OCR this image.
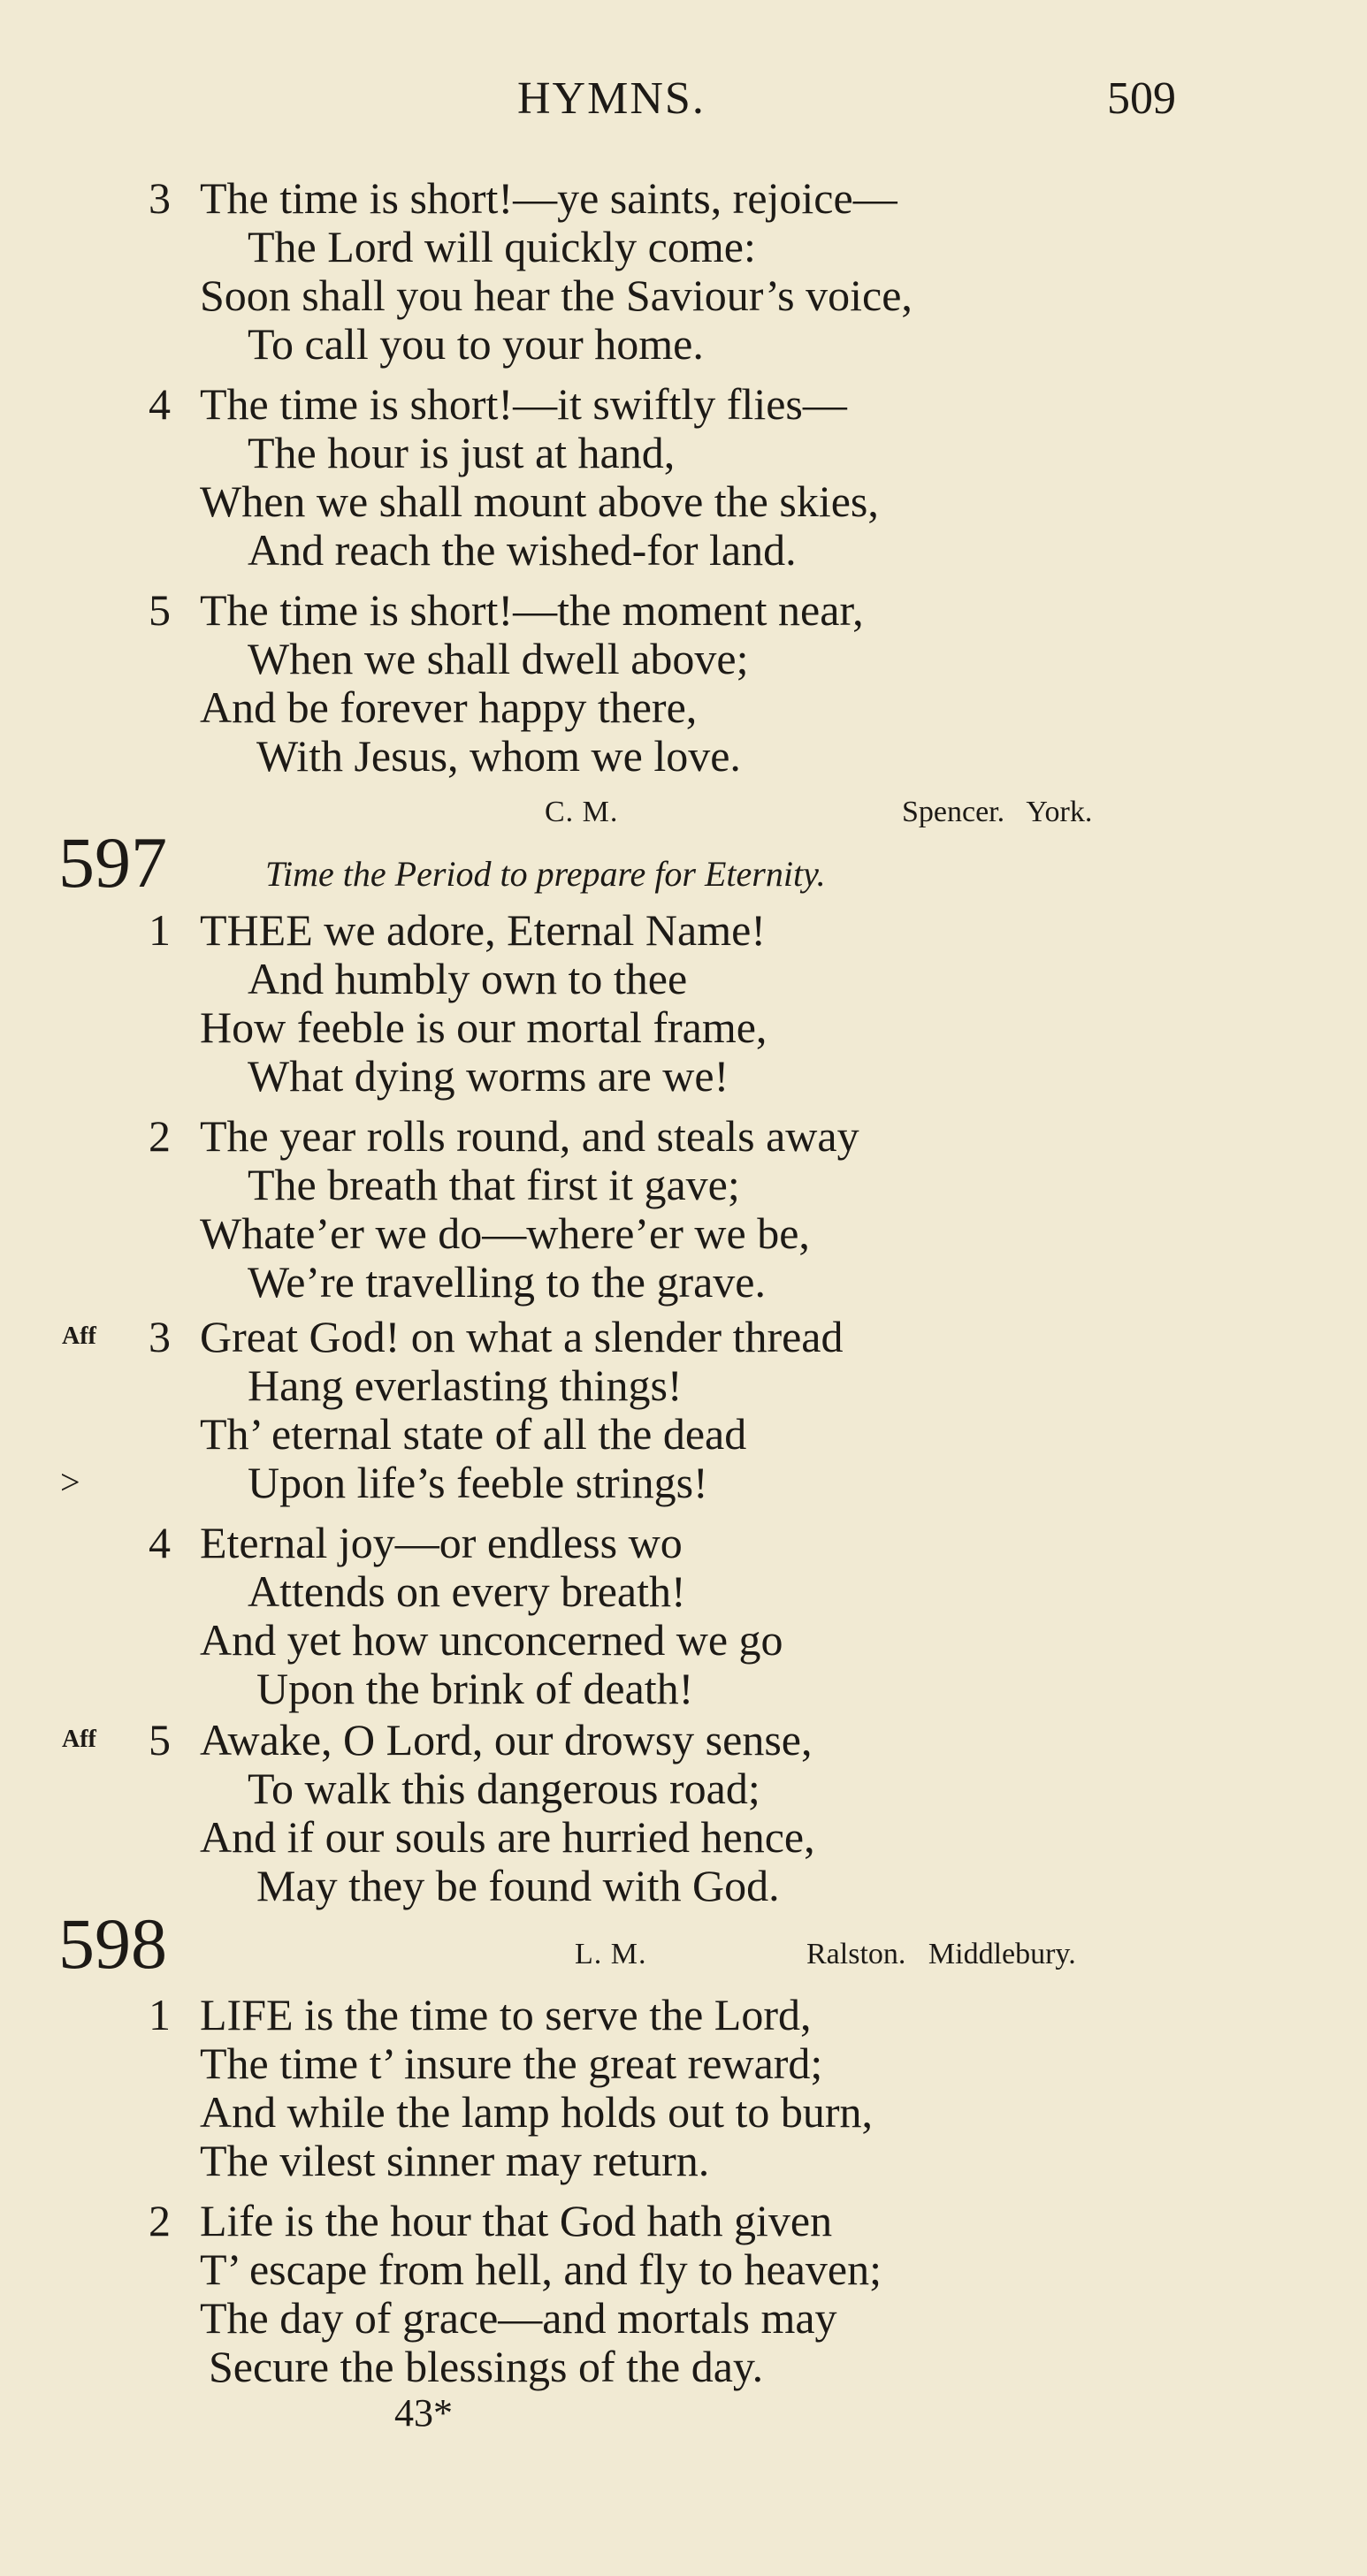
HYMNS.	509
3 The time is short!—ye saints, rejoice—
The Lord will quickly come:
Soon shall you hear the Saviour’s voice,
To call you to your home.
4 The time is short!—it swiftly flies—
The hour is just at hand,
When we shall mount above the skies,
And reach the wished-for land.
5 The time is short!—the moment near,
When we shall dwell above;
And be forever happy there,
With Jesus, whom we love.
597
C. M.	Spencer.   York.
Time the Period to prepare for Eternity.
1 THEE we adore, Eternal Name!
And humbly own to thee
How feeble is our mortal frame,
What dying worms are we!
2 The year rolls round, and steals away
The breath that first it gave;
Whate’er we do—where’er we be,
We’re travelling to the grave.
Aff 3 Great God! on what a slender thread
Hang everlasting things!
Th’ eternal state of all the dead
>	Upon life’s feeble strings!
4 Eternal joy—or endless wo
Attends on every breath!
And yet how unconcerned we go
Upon the brink of death!
Aff 5 Awake, O Lord, our drowsy sense,
To walk this dangerous road;
And if our souls are hurried hence,
May they be found with God.
598	L. M.	Ralston.   Middlebury.
1 LIFE is the time to serve the Lord,
The time t’ insure the great reward;
And while the lamp holds out to burn,
The vilest sinner may return.
2 Life is the hour that God hath given
T’ escape from hell, and fly to heaven;
The day of grace—and mortals may
Secure the blessings of the day.
43*
